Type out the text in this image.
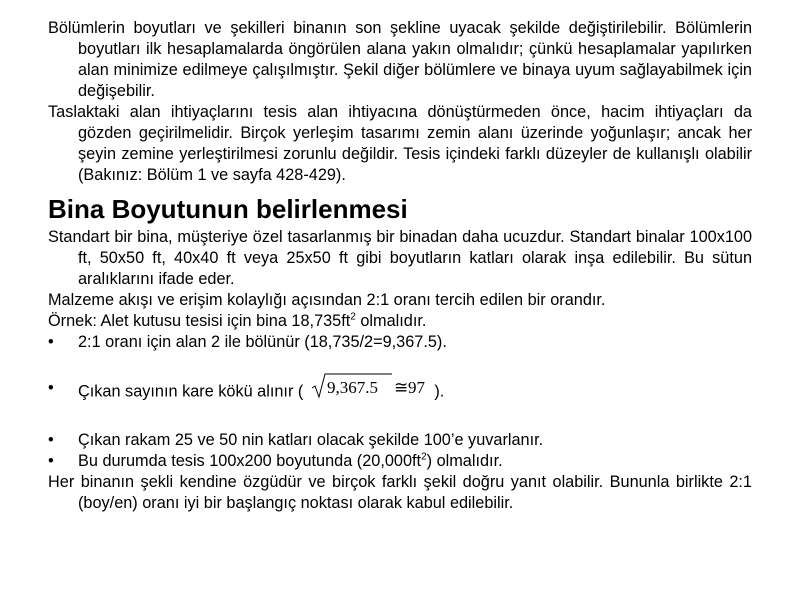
Bölümlerin boyutları ve şekilleri binanın son şekline uyacak şekilde değiştirilebilir. Bölümlerin boyutları ilk hesaplamalarda öngörülen alana yakın olmalıdır; çünkü hesaplamalar yapılırken alan minimize edilmeye çalışılmıştır. Şekil diğer bölümlere ve binaya uyum sağlayabilmek için değişebilir.

Taslaktaki alan ihtiyaçlarını tesis alan ihtiyacına dönüştürmeden önce, hacim ihtiyaçları da gözden geçirilmelidir. Birçok yerleşim tasarımı zemin alanı üzerinde yoğunlaşır; ancak her şeyin zemine yerleştirilmesi zorunlu değildir. Tesis içindeki farklı düzeyler de kullanışlı olabilir (Bakınız: Bölüm 1 ve sayfa 428-429).

Bina Boyutunun belirlenmesi

Standart bir bina, müşteriye özel tasarlanmış bir binadan daha ucuzdur. Standart binalar 100x100 ft, 50x50 ft, 40x40 ft veya 25x50 ft gibi boyutların katları olarak inşa edilebilir. Bu sütun aralıklarını ifade eder.

Malzeme akışı ve erişim kolaylığı açısından 2:1 oranı tercih edilen bir orandır.

Örnek: Alet kutusu tesisi için bina $18,735ft^2$ olmalıdır.

• 2:1 oranı için alan 2 ile bölünür (18,735/2=9,367.5).
• Çıkan sayının kare kökü alınır ( 9,367.5 ≅ 97 ).
• Çıkan rakam 25 ve 50 nin katları olacak şekilde 100’e yuvarlanır.
• Bu durumda tesis 100x200 boyutunda $(20,000ft^2)$ olmalıdır.

Her binanın şekli kendine özgüdür ve birçok farklı şekil doğru yanıt olabilir. Bununla birlikte 2:1 (boy/en) oranı iyi bir başlangıç noktası olarak kabul edilebilir.
